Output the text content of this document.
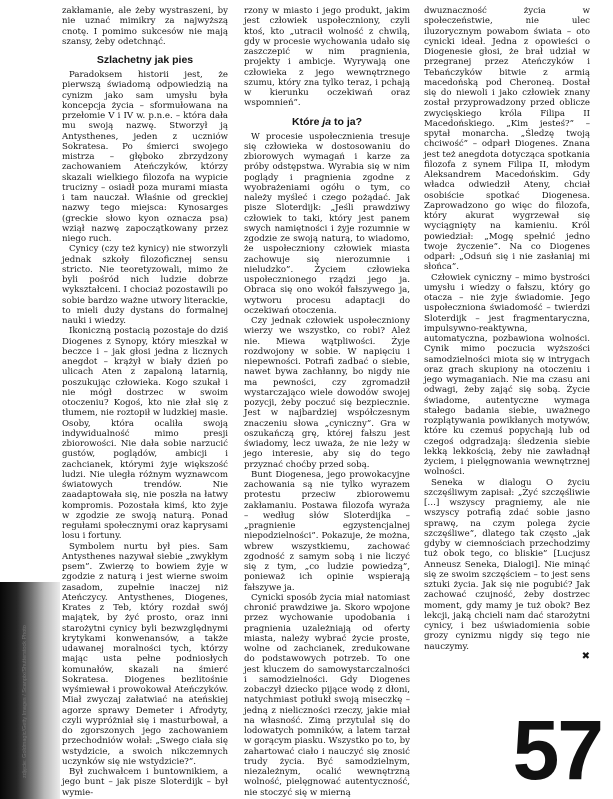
zdjęcie: Goldmagic/Getty Images / Scanpix/Shutterstock Photo

zakłamanie, ale żeby wystraszeni, by nie uznać mimikry za najwyższą cnotę. I pomimo sukcesów nie mają szansy, żeby odetchnąć.

Szlachetny jak pies

Paradoksem historii jest, że pierwszą świadomą odpowiedzią na cynizm jako sam umysłu była koncepcja życia – sformułowana na przełomie V i IV w. p.n.e. – która dała mu swoją nazwę. Stworzył ją Antysthenes, jeden z uczniów Sokratesa. Po śmierci swojego mistrza – głęboko zbrzydzony zachowaniem Ateńczyków, którzy skazali wielkiego filozofa na wypicie trucizny – osiadł poza murami miasta i tam nauczał. Właśnie od greckiej nazwy tego miejsca: Kynosarges (greckie słowo kyon oznacza psa) wziął nazwę zapoczątkowany przez niego ruch.

Cynicy (czy też kynicy) nie stworzyli jednak szkoły filozoficznej sensu stricto. Nie teoretyzowali, mimo że byli pośród nich ludzie dobrze wykształceni. I chociaż pozostawili po sobie bardzo ważne utwory literackie, to mieli duży dystans do formalnej nauki i wiedzy.

Ikoniczną postacią pozostaje do dziś Diogenes z Synopy, który mieszkał w beczce i – jak głosi jedna z licznych anegdot – krążył w biały dzień po ulicach Aten z zapaloną latarnią, poszukując człowieka. Kogo szukał i nie mógł dostrzec w swoim otoczeniu? Kogoś, kto nie złał się z tłumem, nie roztopił w ludzkiej masie. Osoby, która ocaliła swoją indywidualność mimo presji zbiorowości. Nie dała sobie narzucić gustów, poglądów, ambicji i zachcianek, którymi żyje większość ludzi. Nie uległa różnym wyznawcom światowych trendów. Nie zaadaptowała się, nie poszła na łatwy kompromis. Pozostała kimś, kto żyje w zgodzie ze swoją naturą. Ponad regułami społecznymi oraz kaprysami losu i fortuny.

Symbolem nurtu był pies. Sam Antysthenes nazywał siebie „zwykłym psem”. Zwierzę to bowiem żyje w zgodzie z naturą i jest wierne swoim zasadom, zupełnie inaczej niż Ateńczycy. Antysthenes, Diogenes, Krates z Teb, który rozdał swój majątek, by żyć prosto, oraz inni starożytni cynicy byli bezwzględnymi krytykami konwenansów, a także udawanej moralności tych, którzy mając usta pełne podniosłych komunałów, skazali na śmierć Sokratesa. Diogenes bezlitośnie wyśmiewał i prowokował Ateńczyków. Miał zwyczaj załatwiać na ateńskiej agorze sprawy Demeter i Afrodyty, czyli wypróżniał się i masturbował, a do zgorszonych jego zachowaniem przechodniów wołał: „Swego ciała się wstydzicie, a swoich nikczemnych uczynków się nie wstydzicie?”.

Był zuchwałcem i buntownikiem, a jego bunt – jak pisze Sloterdijk – był wymie-

rzony w miasto i jego produkt, jakim jest człowiek uspołeczniony, czyli ktoś, kto „utracił wolność z chwilą, gdy w procesie wychowania udało się zaszczepić w nim pragnienia, projekty i ambicje. Wyrywają one człowieka z jego wewnętrznego szumu, który zna tylko teraz, i pchają w kierunku oczekiwań oraz wspomnień”.

Które ja to ja?

W procesie uspołecznienia tresuje się człowieka w dostosowaniu do zbiorowych wymagań i karze za próby odstępstwa. Wyrabia się w nim poglądy i pragnienia zgodne z wyobrażeniami ogółu o tym, co należy myśleć i czego pożądać. Jak pisze Sloterdijk: „Jeśli prawdziwy człowiek to taki, który jest panem swych namiętności i żyje rozumnie w zgodzie ze swoją naturą, to wiadomo, że uspołeczniony człowiek miasta zachowuje się nierozumnie i nieludzko”. Życiem człowieka uspołecznionego rządzi jego ja. Obraca się ono wokół fałszywego ja, wytworu procesu adaptacji do oczekiwań otoczenia.

Czy jednak człowiek uspołeczniony wierzy we wszystko, co robi? Ależ nie. Miewa wątpliwości. Żyje rozdwojony w sobie. W napięciu i niepewności. Potrafi zadbać o siebie, nawet bywa zachłanny, bo nigdy nie ma pewności, czy zgromadził wystarczająco wiele dowodów swojej pozycji, żeby poczuć się bezpiecznie. Jest w najbardziej współczesnym znaczeniu słowa „cyniczny”. Gra w oszukańczą grę, której fałszu jest świadomy, lecz uważa, że nie leży w jego interesie, aby się do tego przyznać choćby przed sobą.

Bunt Diogenesa, jego prowokacyjne zachowania są nie tylko wyrazem protestu przeciw zbiorowemu zakłamaniu. Postawa filozofa wyraża – według słów Sloterdijka – „pragnienie egzystencjalnej niepodzielności”. Pokazuje, że można, wbrew wszystkiemu, zachować zgodność z samym sobą i nie liczyć się z tym, „co ludzie powiedzą”, ponieważ ich opinie wspierają fałszywe ja.

Cynicki sposób życia miał natomiast chronić prawdziwe ja. Skoro wpojone przez wychowanie upodobania i pragnienia uzależniają od oferty miasta, należy wybrać życie proste, wolne od zachcianek, zredukowane do podstawowych potrzeb. To one jest kluczem do samowystarczalności i samodzielności. Gdy Diogenes zobaczył dziecko pijące wodę z dłoni, natychmiast potłukł swoją miseczkę – jedną z nieliczności rzeczy, jakie miał na własność. Zimą przytulał się do lodowatych pomników, a latem tarzał w gorącym piasku. Wszystko po to, by zahartować ciało i nauczyć się znosić trudy życia. Być samodzielnym, niezależnym, ocalić wewnętrzną wolność, pielęgnować autentyczność, nie stoczyć się w mierną

dwuznaczność życia w społeczeństwie, nie ulec iluzorycznym powabom świata – oto cynicki ideał. Jedna z opowieści o Diogenesie głosi, że brał udział w przegranej przez Ateńczyków i Tebańczyków bitwie z armią macedońską pod Cheroneą. Dostał się do niewoli i jako człowiek znany został przyprowadzony przed oblicze zwycięskiego króla Filipa II Macedońskiego. „Kim jesteś?” – spytał monarcha. „Śledzę twoją chciwość” – odparł Diogenes. Znana jest też anegdota dotycząca spotkania filozofa z synem Filipa II, młodym Aleksandrem Macedońskim. Gdy władca odwiedził Ateny, chciał osobiście spotkać Diogenesa. Zaprowadzono go więc do filozofa, który akurat wygrzewał się wyciągnięty na kamieniu. Król powiedział: „Mogę spełnić jedno twoje życzenie”. Na co Diogenes odparł: „Odsuń się i nie zasłaniaj mi słońca”.

Człowiek cyniczny – mimo bystrości umysłu i wiedzy o fałszu, który go otacza – nie żyje świadomie. Jego uspołeczniona świadomość – twierdzi Sloterdijk – jest fragmentaryczna, impulsywno-reaktywna, automatyczna, pozbawiona wolności. Cynik mimo poczucia wyższości samodzielności miota się w intrygach oraz grach skupiony na otoczeniu i jego wymaganiach. Nie ma czasu ani odwagi, żeby zająć się sobą. Życie świadome, autentyczne wymaga stałego badania siebie, uważnego rozplątywania powikłanych motywów, które ku czemuś popychają lub od czegoś odgradzają: śledzenia siebie lekką lekkością, żeby nie zawładnął życiem, i pielęgnowania wewnętrznej wolności.

Seneka w dialogu O życiu szczęśliwym zapisał: „Żyć szczęśliwie […] wszyscy pragniemy, ale nie wszyscy potrafią zdać sobie jasno sprawę, na czym polega życie szczęśliwe”, dlatego tak często „jak gdyby w ciemnościach przechodzimy tuż obok tego, co bliskie” [Lucjusz Anneusz Seneka, Dialogi]. Nie minąć się ze swoim szczęściem – to jest sens sztuki życia. Jak się nie pogubić? Jak zachować czujność, żeby dostrzec moment, gdy mamy je tuż obok? Bez lekcji, jaką chcieli nam dać starożytni cynicy, i bez uświadomienia sobie grozy cynizmu nigdy się tego nie nauczymy.

✖

57
